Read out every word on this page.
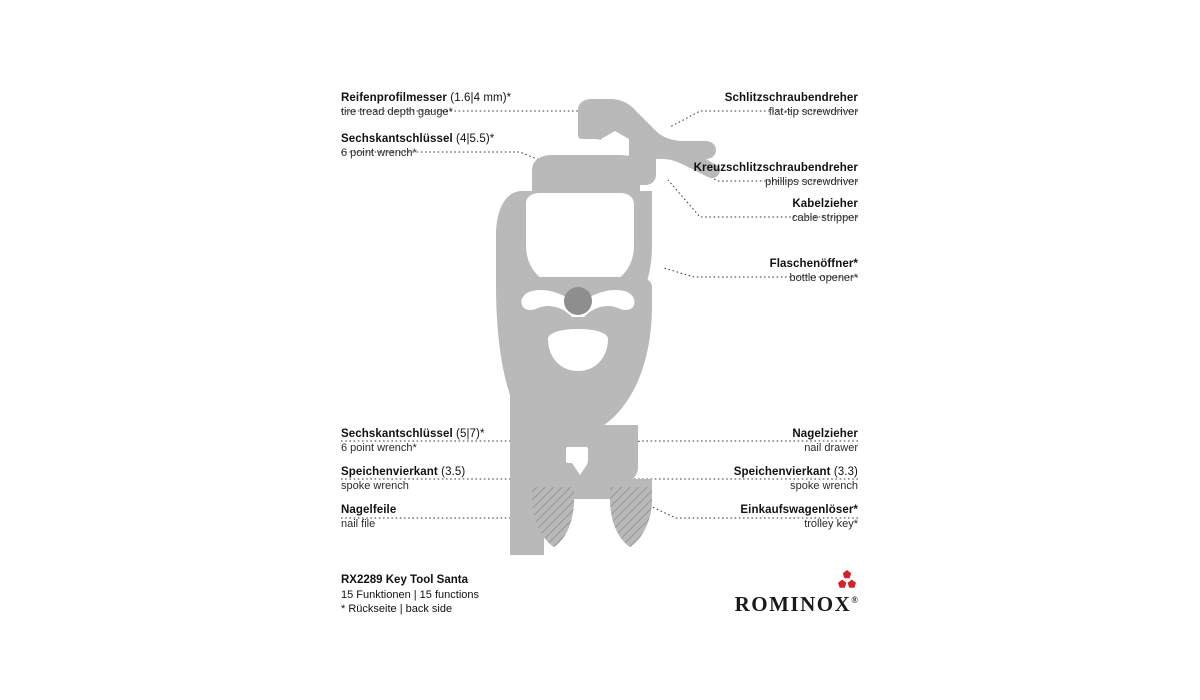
Reifenprofilmesser (1.6|4 mm)*
tire tread depth gauge*
Sechskantschlüssel (4|5.5)*
6 point wrench*
Sechskantschlüssel (5|7)*
6 point wrench*
Speichenvierkant (3.5)
spoke wrench
Nagelfeile
nail file
Schlitzschraubendreher
flat-tip screwdriver
Kreuzschlitzschraubendreher
phillips screwdriver
Kabelzieher
cable stripper
Flaschenöffner*
bottle opener*
Nagelzieher
nail drawer
Speichenvierkant (3.3)
spoke wrench
Einkaufswagenlöser*
trolley key*
RX2289 Key Tool Santa
15 Funktionen | 15 functions
* Rückseite | back side	ROMINOX®
